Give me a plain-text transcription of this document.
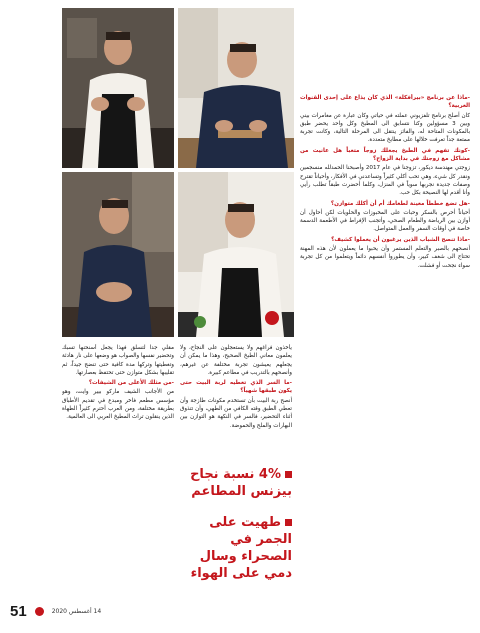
-ماذا عن برنامج «بيرأفكلة» الذي كان يذاع على إحدى القنوات العربية؟

كان أصلح برنامج تلفزيوني عملته في حياتي وكان عبارة عن مغامرات بيني وبين 3 مسؤولين وكنا نتسابق الى المطبخ وكل واحد يحضر طبق بالمكونات المتاحة له، والفائز ينتقل الى المرحلة التالية، وكانت تجربة ممتعة جداً تعرفت خلالها على مطابخ متعددة.

-كونك تفهم في الطبخ يجعلك زوجاً متعباً هل عانيت من مشاكل مع زوجتك في بداية الزواج؟

زوجتي مهندسة ديكور، تزوجنا في عام 2017 وأصبحنا الحمدلله منسجمين ونقدر كل شيء، وهي تحب أكلي كثيراً وتساعدني في الأفكار، وأحياناً تقترح وصفات جديدة نجربها سوياً في المنزل، وكلما أحضرت طبقاً تطلب رأيي وأنا أقدم لها النصيحة بكل حب.

-هل تضع خططاً معينة لطعامك أم أن أكلك متوازن؟

أحياناً أحرص بالسكر وحبات على المخبوزات والحلويات لكن أحاول أن أوازن بين الرياضة والطعام الصحي، وأتجنب الإفراط في الأطعمة الدسمة خاصة في أوقات السفر والعمل المتواصل.

-ماذا تنصح الشباب الذين يرغبون أن يعملوا كشيف؟

أنصحهم بالصبر والتعلم المستمر وأن يحبوا ما يعملون لأن هذه المهنة تحتاج الى شغف كبير، وأن يطوروا أنفسهم دائماً ويتعلموا من كل تجربة سواء نجحت أو فشلت.

يأخذون فراغهم ولا يستعجلون على النجاح، ولا يعلمون معاني الطبخ الصحيح، وهذا ما يمكن أن يجعلهم يعيشون تجربة مختلفة عن غيرهم، وأنصحهم بالتدريب في مطاعم كبيرة.

-ما السر الذي تعطيه لربة البيت حتى يكون طبقها شهياً؟

أنصح ربة البيت بأن تستخدم مكونات طازجة وأن تعطي الطبق وقته الكافي من الطهي، وأن تتذوق أثناء التحضير، فالسر في النكهة هو التوازن بين البهارات والملح والحموضة.

4% نسبة نجاح بيزنس المطاعم
طهيت على الجمر في الصحراء وسال دمي على الهواء

مقلي جدا لتسلق فهذا يجعل أسنحنها تسبك وتحضير نفسها والصواب هو وضعها على نار هادئة وتغطيتها وتركها مدة كافية حتى تنضج جيداً، ثم تقليبها بشكل متوازن حتى تحتفظ بعصارتها.

-من مثلك الأعلى من الشيفات؟

من الأجانب الشيف ماركو بيير وايت، وهو مؤسس مطعم فاخر ومبدع في تقديم الأطباق بطريقة مختلفة، ومن العرب أحترم كثيراً الطهاة الذين ينقلون تراث المطبخ العربي الى العالمية.

51	14 أغسطس 2020
